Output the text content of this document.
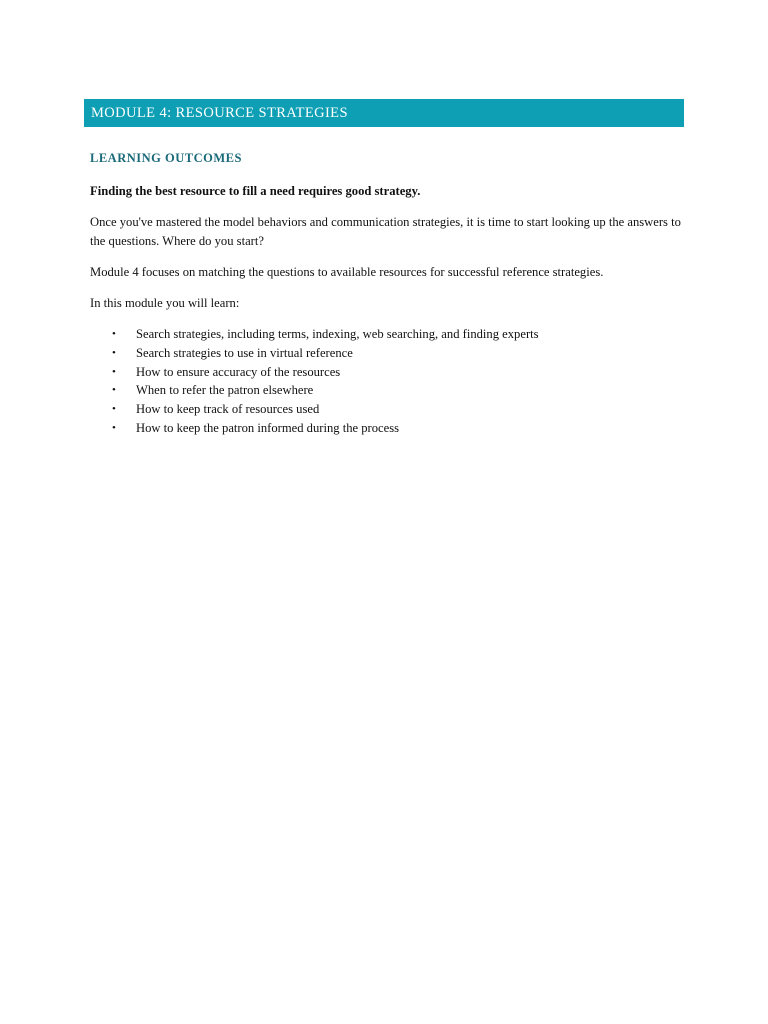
MODULE 4: RESOURCE STRATEGIES
LEARNING OUTCOMES

Finding the best resource to fill a need requires good strategy.

Once you've mastered the model behaviors and communication strategies, it is time to start looking up the answers to the questions. Where do you start?

Module 4 focuses on matching the questions to available resources for successful reference strategies.

In this module you will learn:

•	Search strategies, including terms, indexing, web searching, and finding experts
•	Search strategies to use in virtual reference
•	How to ensure accuracy of the resources
•	When to refer the patron elsewhere
•	How to keep track of resources used
•	How to keep the patron informed during the process
